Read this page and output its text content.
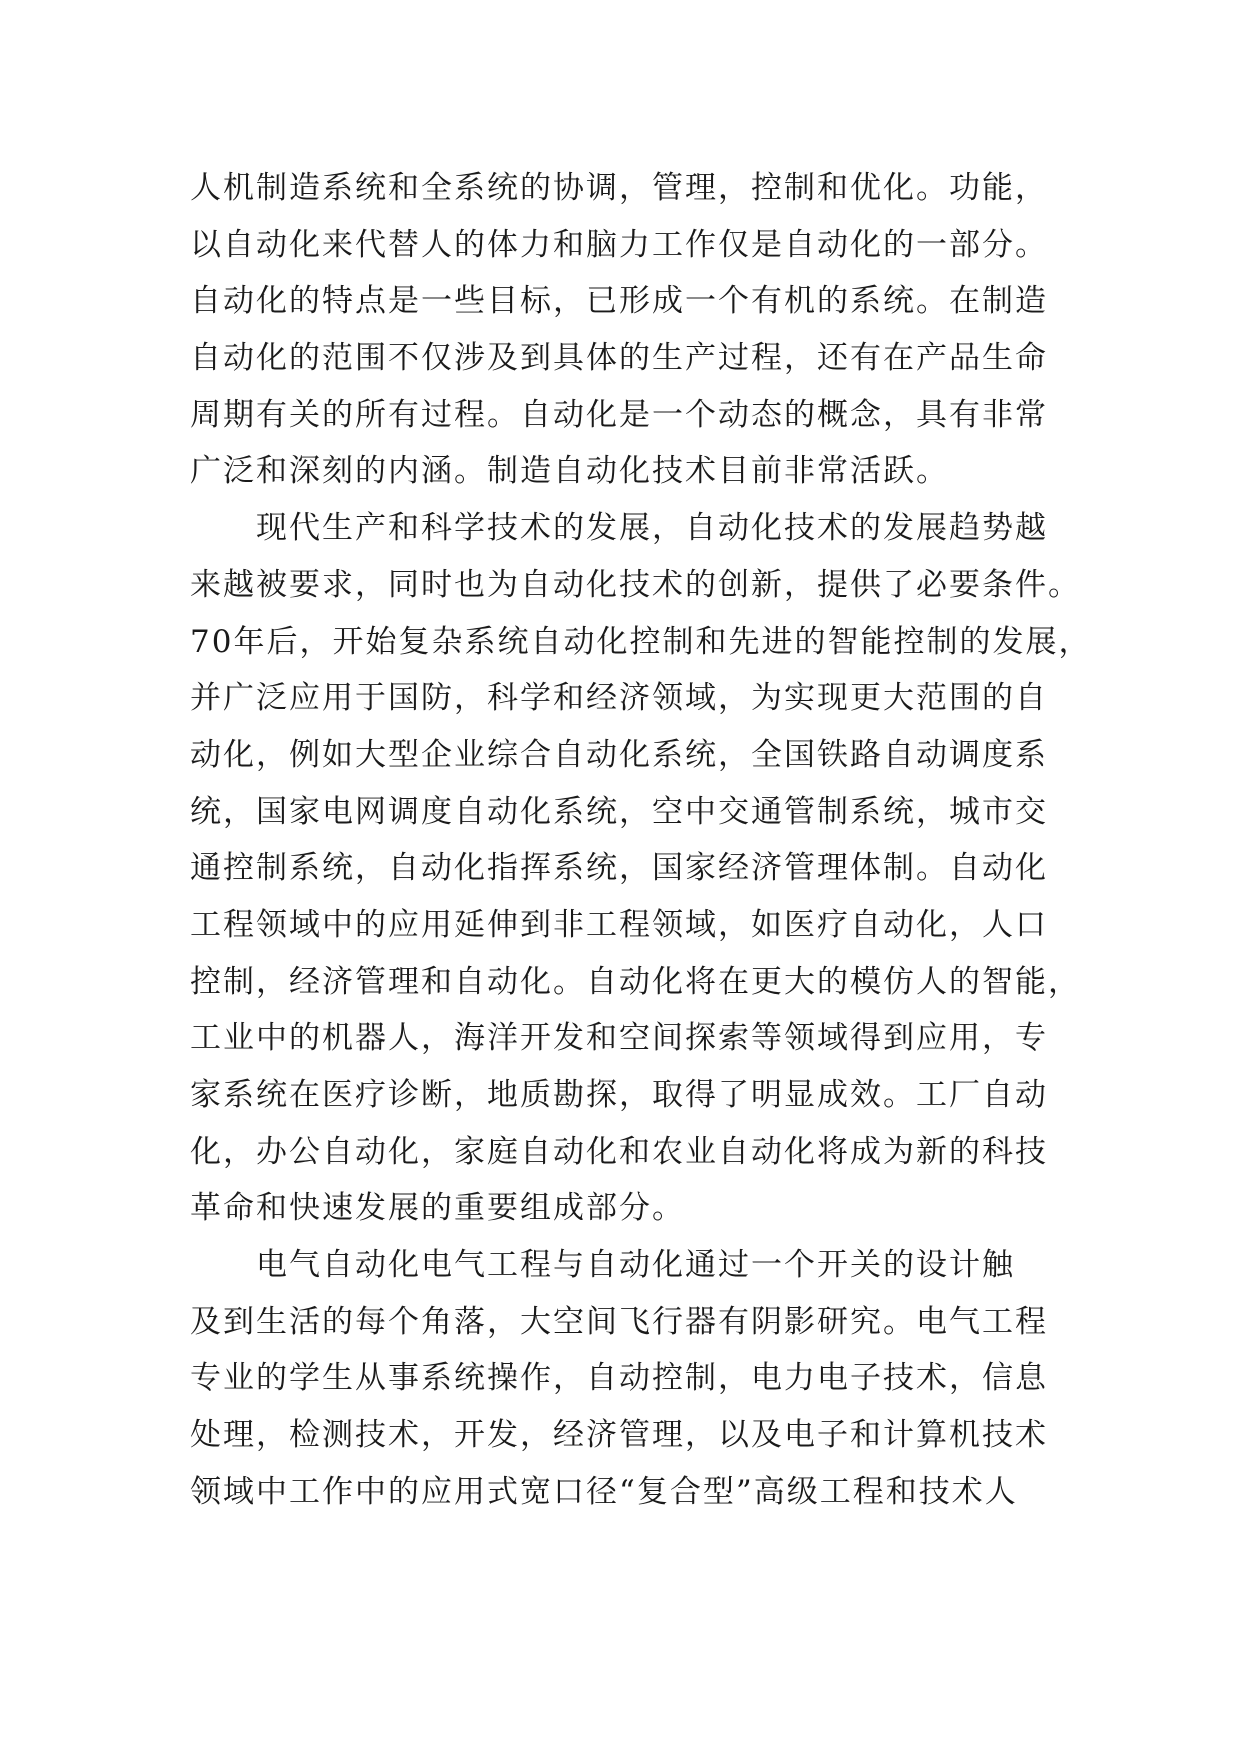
人机制造系统和全系统的协调，管理，控制和优化。功能，
以自动化来代替人的体力和脑力工作仅是自动化的一部分。
自动化的特点是一些目标，已形成一个有机的系统。在制造
自动化的范围不仅涉及到具体的生产过程，还有在产品生命
周期有关的所有过程。自动化是一个动态的概念，具有非常
广泛和深刻的内涵。制造自动化技术目前非常活跃。
现代生产和科学技术的发展，自动化技术的发展趋势越
来越被要求，同时也为自动化技术的创新，提供了必要条件。
70年后，开始复杂系统自动化控制和先进的智能控制的发展，
并广泛应用于国防，科学和经济领域，为实现更大范围的自
动化，例如大型企业综合自动化系统，全国铁路自动调度系
统，国家电网调度自动化系统，空中交通管制系统，城市交
通控制系统，自动化指挥系统，国家经济管理体制。自动化
工程领域中的应用延伸到非工程领域，如医疗自动化，人口
控制，经济管理和自动化。自动化将在更大的模仿人的智能，
工业中的机器人，海洋开发和空间探索等领域得到应用，专
家系统在医疗诊断，地质勘探，取得了明显成效。工厂自动
化，办公自动化，家庭自动化和农业自动化将成为新的科技
革命和快速发展的重要组成部分。
电气自动化电气工程与自动化通过一个开关的设计触
及到生活的每个角落，大空间飞行器有阴影研究。电气工程
专业的学生从事系统操作，自动控制，电力电子技术，信息
处理，检测技术，开发，经济管理，以及电子和计算机技术
领域中工作中的应用式宽口径“复合型”高级工程和技术人
